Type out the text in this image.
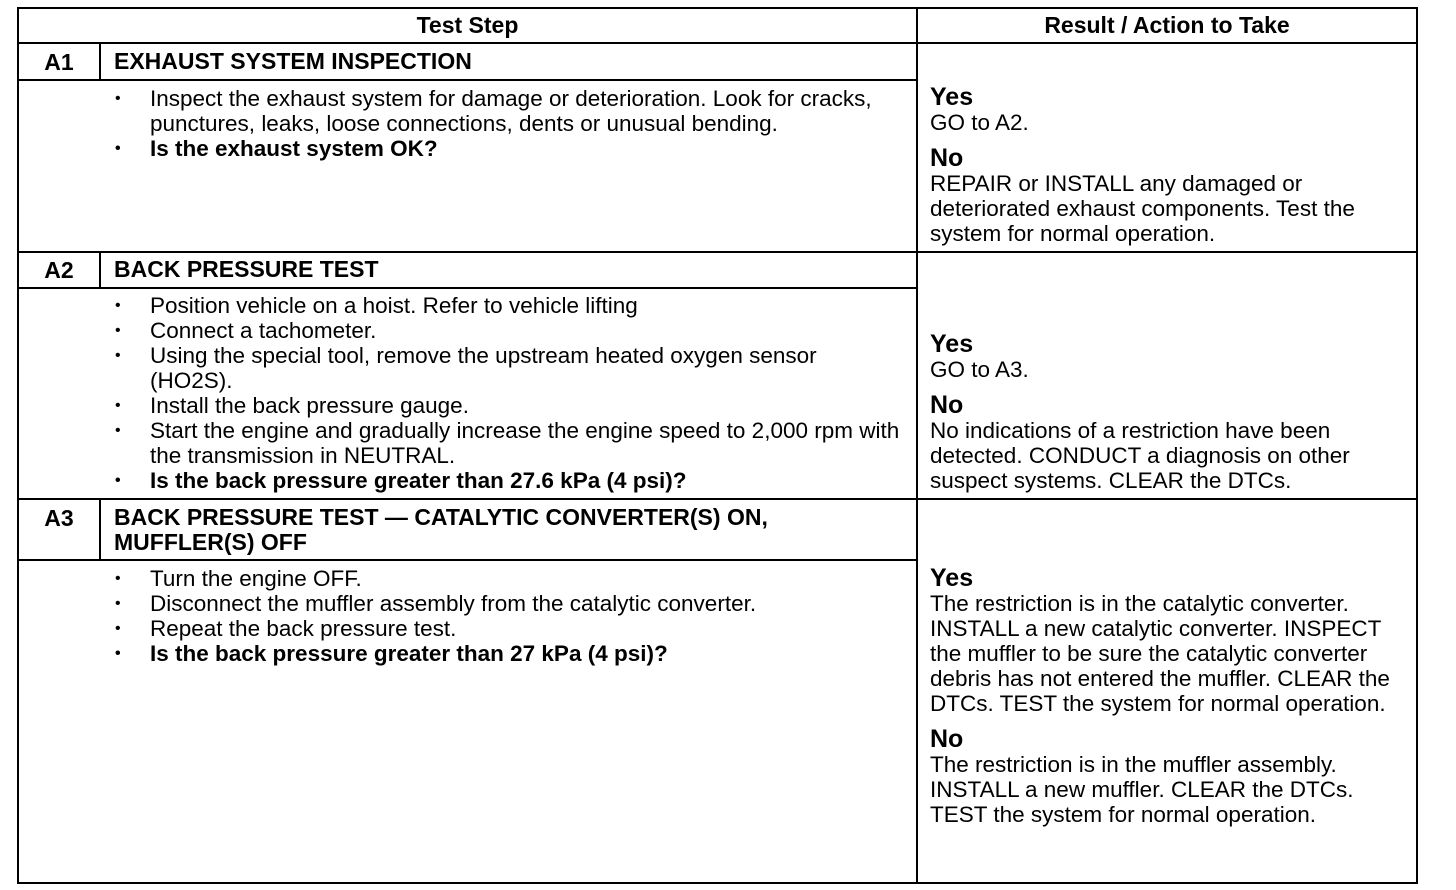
Test Step	Result / Action to Take
A1	EXHAUST SYSTEM INSPECTION
• Inspect the exhaust system for damage or deterioration. Look for cracks, punctures, leaks, loose connections, dents or unusual bending.
• Is the exhaust system OK?
Yes
GO to A2.
No
REPAIR or INSTALL any damaged or deteriorated exhaust components. Test the system for normal operation.
A2	BACK PRESSURE TEST
• Position vehicle on a hoist. Refer to vehicle lifting
• Connect a tachometer.
• Using the special tool, remove the upstream heated oxygen sensor (HO2S).
• Install the back pressure gauge.
• Start the engine and gradually increase the engine speed to 2,000 rpm with the transmission in NEUTRAL.
• Is the back pressure greater than 27.6 kPa (4 psi)?
Yes
GO to A3.
No
No indications of a restriction have been detected. CONDUCT a diagnosis on other suspect systems. CLEAR the DTCs.
A3	BACK PRESSURE TEST — CATALYTIC CONVERTER(S) ON,
MUFFLER(S) OFF
• Turn the engine OFF.
• Disconnect the muffler assembly from the catalytic converter.
• Repeat the back pressure test.
• Is the back pressure greater than 27 kPa (4 psi)?
Yes
The restriction is in the catalytic converter. INSTALL a new catalytic converter. INSPECT the muffler to be sure the catalytic converter debris has not entered the muffler. CLEAR the DTCs. TEST the system for normal operation.
No
The restriction is in the muffler assembly. INSTALL a new muffler. CLEAR the DTCs. TEST the system for normal operation.
